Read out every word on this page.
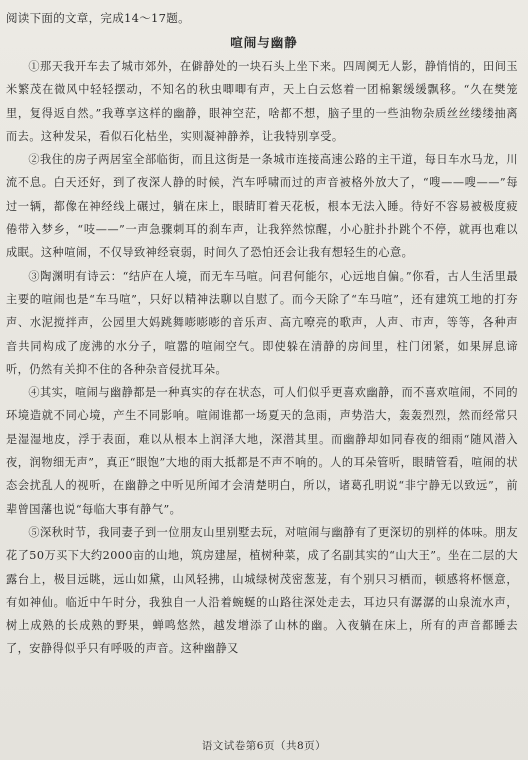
阅读下面的文章，完成14～17题。
喧闹与幽静

①那天我开车去了城市郊外，在僻静处的一块石头上坐下来。四周阒无人影，静悄悄的，田间玉米繁茂在微风中轻轻摆动，不知名的秋虫唧唧有声，天上白云悠着一团棉絮缓缓飘移。“久在樊笼里，复得返自然。”我尊享这样的幽静，眼神空茫，啥都不想，脑子里的一些油物杂质丝丝缕缕抽离而去。这种发呆，看似石化枯坐，实则凝神静养，让我特别享受。

②我住的房子两居室全部临街，而且这街是一条城市连接高速公路的主干道，每日车水马龙，川流不息。白天还好，到了夜深人静的时候，汽车呼啸而过的声音被格外放大了，“嗖——嗖——”每过一辆，都像在神经线上碾过，躺在床上，眼睛盯着天花板，根本无法入睡。待好不容易被极度疲倦带入梦乡，“吱——”一声急骤刺耳的刹车声，让我猝然惊醒，小心脏扑扑跳个不停，就再也难以成眠。这种喧闹，不仅导致神经衰弱，时间久了恐怕还会让我有想轻生的心意。

③陶渊明有诗云：“结庐在人境，而无车马喧。问君何能尔，心远地自偏。”你看，古人生活里最主要的喧闹也是“车马喧”，只好以精神法聊以自慰了。而今天除了“车马喧”，还有建筑工地的打夯声、水泥搅拌声，公园里大妈跳舞嘭嘭嘭的音乐声、高亢嘹亮的歌声，人声、市声，等等，各种声音共同构成了庞沸的水分子，喧嚣的喧闹空气。即使躲在清静的房间里，柱门闭紧，如果屏息谛听，仍然有关抑不住的各种杂音侵扰耳朵。

④其实，喧闹与幽静都是一种真实的存在状态，可人们似乎更喜欢幽静，而不喜欢喧闹，不同的环境造就不同心境，产生不同影响。喧闹谁都一场夏天的急雨，声势浩大，轰轰烈烈，然而经常只是湿湿地皮，浮于表面，难以从根本上润泽大地，深潜其里。而幽静却如同春夜的细雨“随风潜入夜，润物细无声”，真正“眼饱”大地的雨大抵都是不声不响的。人的耳朵管听，眼睛管看，喧闹的状态会扰乱人的视听，在幽静之中听见所闻才会清楚明白，所以，诸葛孔明说“非宁静无以致远”，前辈曾国藩也说“每临大事有静气”。

⑤深秋时节，我同妻子到一位朋友山里别墅去玩，对喧闹与幽静有了更深切的别样的体味。朋友花了50万买下大约2000亩的山地，筑房建屋，植树种菜，成了名副其实的“山大王”。坐在二层的大露台上，极目远眺，远山如黛，山风轻拂，山城绿树茂密葱茏，有个别只习栖而，顿感将杯惬意，有如神仙。临近中午时分，我独自一人沿着蜿蜒的山路往深处走去，耳边只有潺潺的山泉流水声，树上成熟的长成熟的野果，蝉鸣悠然，越发增添了山林的幽。入夜躺在床上，所有的声音都睡去了，安静得似乎只有呼吸的声音。这种幽静又

语文试卷第6页（共8页）
